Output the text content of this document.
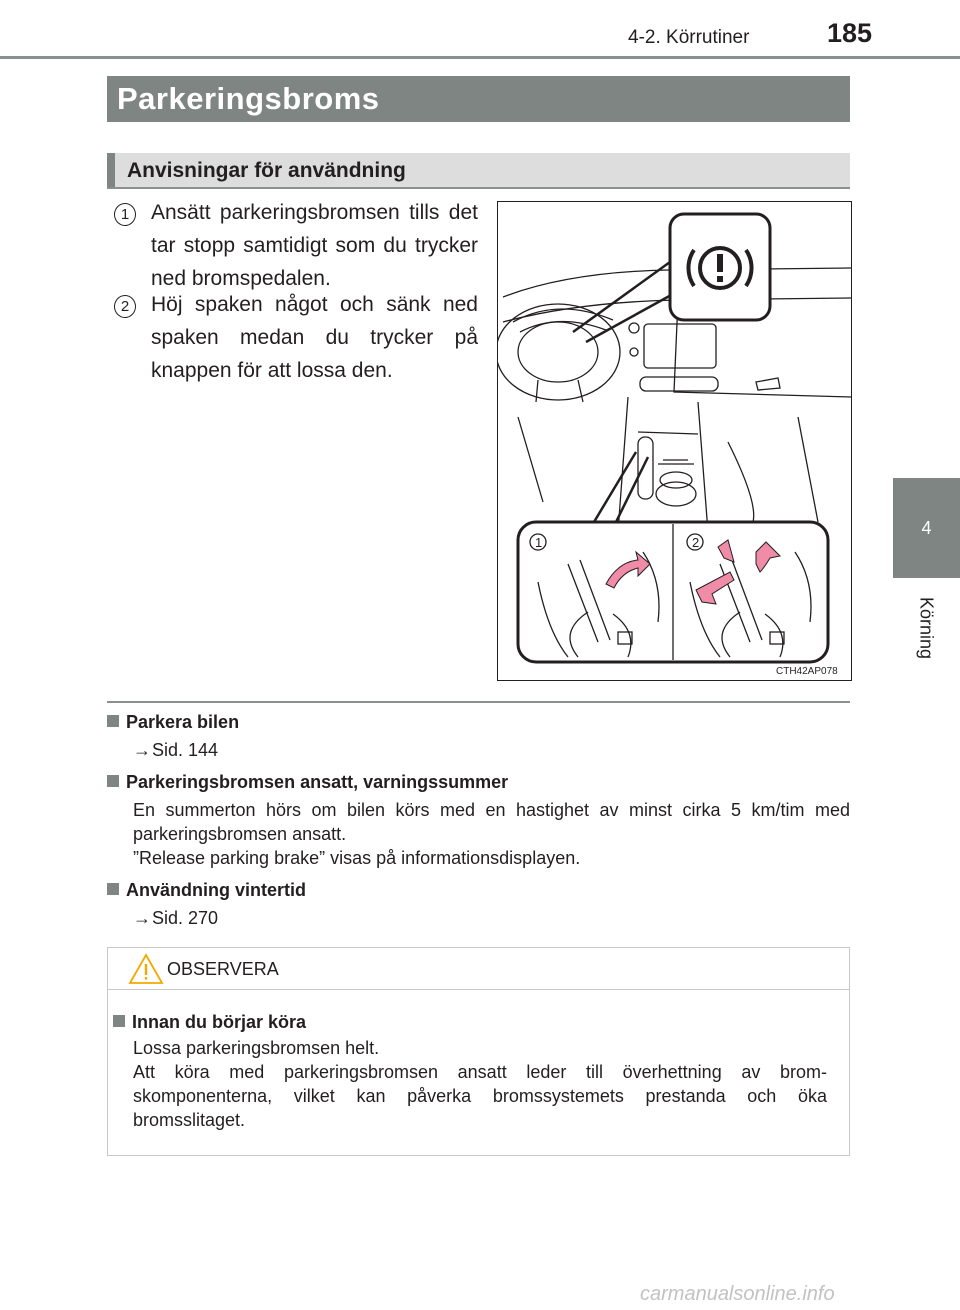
4-2. Körrutiner	185
4
Körning
Parkeringsbroms
Anvisningar för användning
1	Ansätt parkeringsbromsen tills det tar stopp samtidigt som du trycker ned bromspedalen.
2	Höj spaken något och sänk ned spaken medan du trycker på knappen för att lossa den.
1	2
CTH42AP078
Parkera bilen
→Sid. 144
Parkeringsbromsen ansatt, varningssummer

En summerton hörs om bilen körs med en hastighet av minst cirka 5 km/tim med parkeringsbromsen ansatt.

”Release parking brake” visas på informationsdisplayen.

Användning vintertid
→Sid. 270
OBSERVERA
Innan du börjar köra

Lossa parkeringsbromsen helt.

Att köra med parkeringsbromsen ansatt leder till överhettning av brom-skomponenterna, vilket kan påverka bromssystemets prestanda och öka bromsslitaget.

carmanualsonline.info
